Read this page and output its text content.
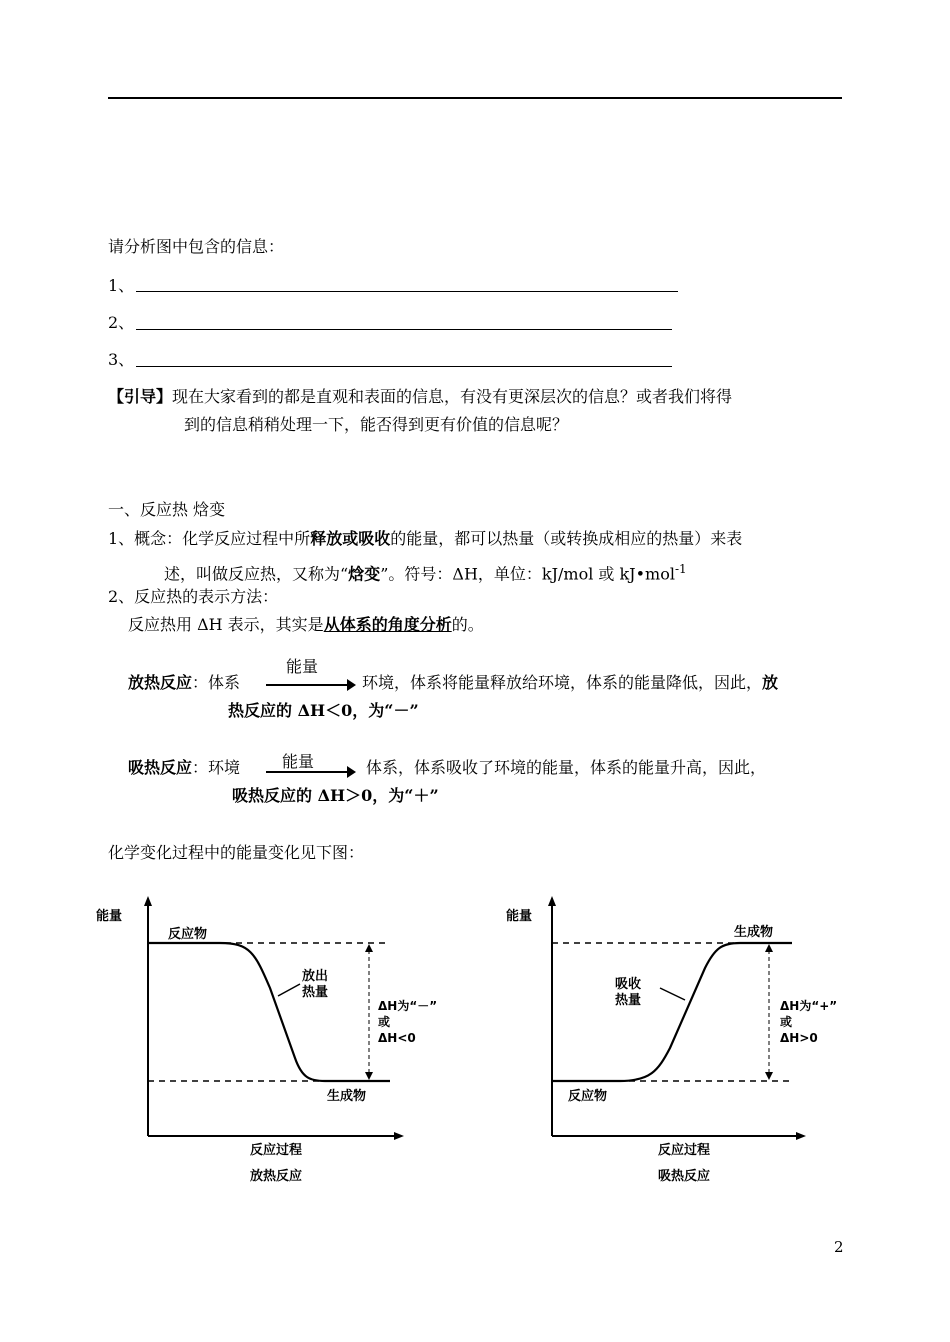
请分析图中包含的信息：
1、
2、
3、
【引导】现在大家看到的都是直观和表面的信息，有没有更深层次的信息？或者我们将得
到的信息稍稍处理一下，能否得到更有价值的信息呢？
一、反应热 焓变
1、概念：化学反应过程中所释放或吸收的能量，都可以热量（或转换成相应的热量）来表
述，叫做反应热，又称为“焓变”。符号：ΔH，单位：kJ/mol 或 kJ•mol$^{-1}$
2、反应热的表示方法：
反应热用 ΔH 表示，其实是从体系的角度分析的。
放热反应：体系
能量
环境，体系将能量释放给环境，体系的能量降低，因此，放
热反应的 ΔH＜0，为“－”
吸热反应：环境	能量	体系，体系吸收了环境的能量，体系的能量升高，因此，
吸热反应的 ΔH＞0，为“＋”
化学变化过程中的能量变化见下图：
能量
反应物
放出
热量
ΔH为“－”
或
ΔH<0
生成物
反应过程
放热反应
能量
生成物
吸收
热量	ΔH为“+”
或
ΔH>0
反应物
反应过程
吸热反应
2
